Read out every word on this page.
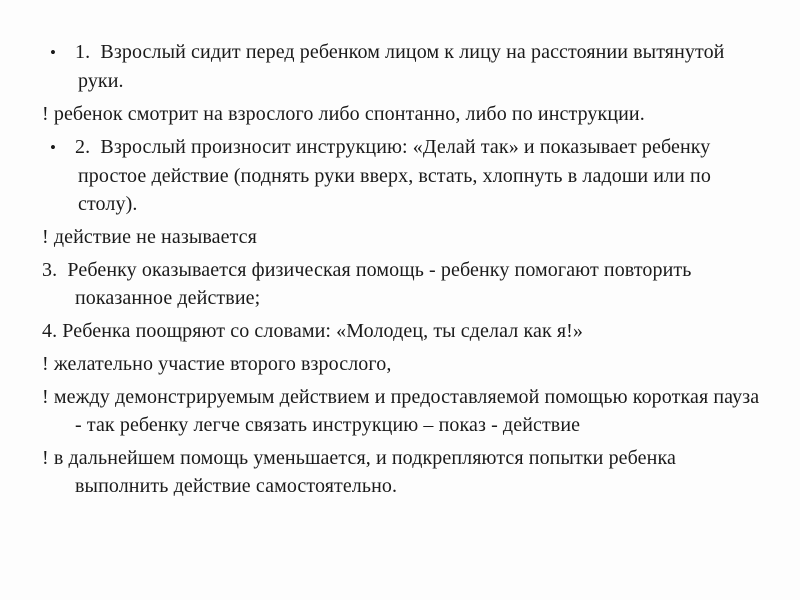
• 1.  Взрослый сидит перед ребенком лицом к лицу на расстоянии вытянутой руки.

! ребенок смотрит на взрослого либо спонтанно, либо по инструкции.

• 2.  Взрослый произносит инструкцию: «Делай так» и показывает ребенку простое действие (поднять руки вверх, встать, хлопнуть в ладоши или по столу).

! действие не называется

3.  Ребенку оказывается физическая помощь - ребенку помогают повторить показанное действие;

4. Ребенка поощряют со словами: «Молодец, ты сделал как я!»

! желательно участие второго взрослого,

! между демонстрируемым действием и предоставляемой помощью короткая пауза - так ребенку легче связать инструкцию – показ - действие

! в дальнейшем помощь уменьшается, и подкрепляются попытки ребенка выполнить действие самостоятельно.
